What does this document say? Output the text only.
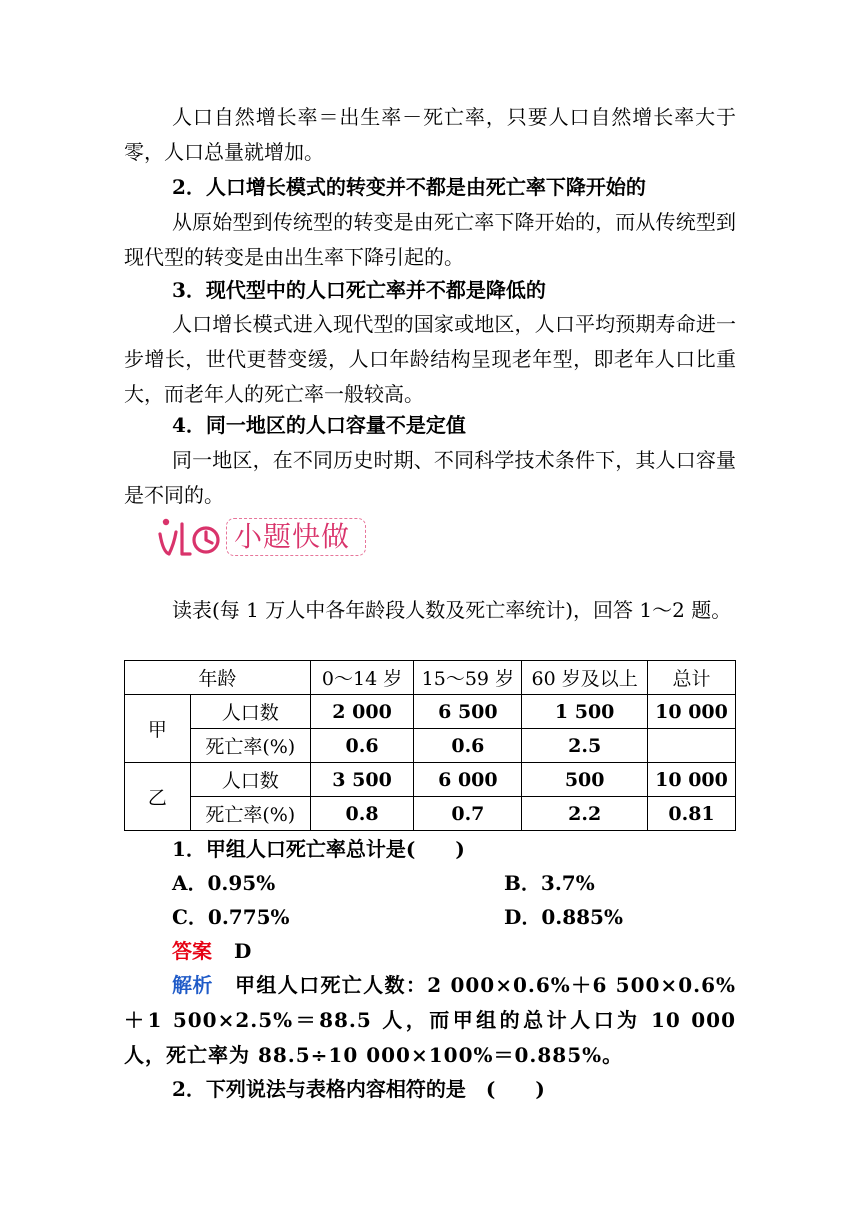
人口自然增长率＝出生率－死亡率，只要人口自然增长率大于零，人口总量就增加。

2．人口增长模式的转变并不都是由死亡率下降开始的

从原始型到传统型的转变是由死亡率下降开始的，而从传统型到现代型的转变是由出生率下降引起的。

3．现代型中的人口死亡率并不都是降低的

人口增长模式进入现代型的国家或地区，人口平均预期寿命进一步增长，世代更替变缓，人口年龄结构呈现老年型，即老年人口比重大，而老年人的死亡率一般较高。

4．同一地区的人口容量不是定值

同一地区，在不同历史时期、不同科学技术条件下，其人口容量是不同的。

小题快做

读表(每 1 万人中各年龄段人数及死亡率统计)，回答 1～2 题。

年龄		0～14 岁	15～59 岁	60 岁及以上	总计
甲	人口数	2 000	6 500	1 500	10 000
	死亡率(%)	0.6	0.6	2.5	
乙	人口数	3 500	6 000	500	10 000
	死亡率(%)	0.8	0.7	2.2	0.81

1．甲组人口死亡率总计是(　　)

A．0.95%	B．3.7%

C．0.775%	D．0.885%

答案 D

解析 甲组人口死亡人数：2 000×0.6%＋6 500×0.6%＋1 500×2.5%＝88.5 人，而甲组的总计人口为 10 000 人，死亡率为 88.5÷10 000×100%＝0.885%。

2．下列说法与表格内容相符的是　(　　)
